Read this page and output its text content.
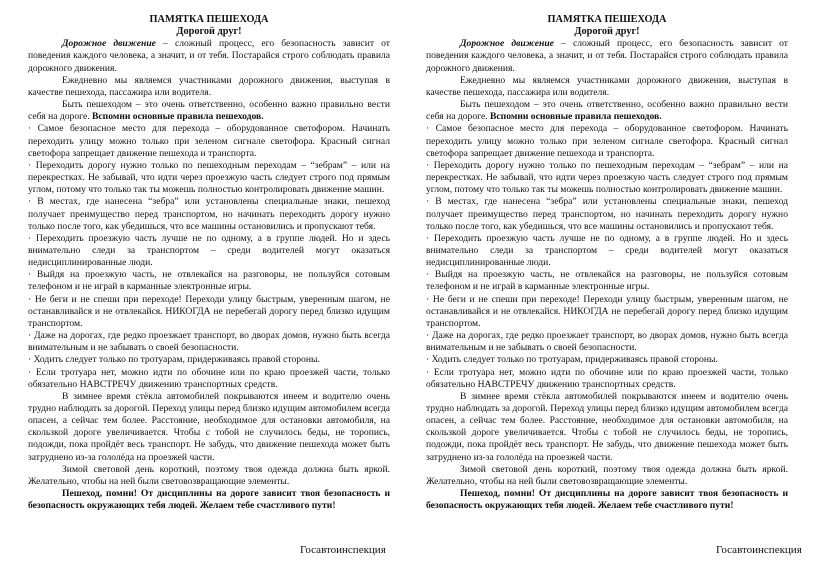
ПАМЯТКА ПЕШЕХОДА

Дорогой друг!

Дорожное движение – сложный процесс, его безопасность зависит от поведения каждого человека, а значит, и от тебя. Постарайся строго соблюдать правила дорожного движения.

Ежедневно мы являемся участниками дорожного движения, выступая в качестве пешехода, пассажира или водителя.

Быть пешеходом – это очень ответственно, особенно важно правильно вести себя на дороге. Вспомни основные правила пешеходов.

· Самое безопасное место для перехода – оборудованное светофором. Начинать переходить улицу можно только при зеленом сигнале светофора. Красный сигнал светофора запрещает движение пешехода и транспорта.

· Переходить дорогу нужно только по пешеходным переходам – “зебрам” – или на перекрестках. Не забывай, что идти через проезжую часть следует строго под прямым углом, потому что только так ты можешь полностью контролировать движение машин.

· В местах, где нанесена “зебра” или установлены специальные знаки, пешеход получает преимущество перед транспортом, но начинать переходить дорогу нужно только после того, как убедишься, что все машины остановились и пропускают тебя.

· Переходить проезжую часть лучше не по одному, а в группе людей. Но и здесь внимательно следи за транспортом – среди водителей могут оказаться недисциплинированные люди.

· Выйдя на проезжую часть, не отвлекайся на разговоры, не пользуйся сотовым телефоном и не играй в карманные электронные игры.

· Не беги и не спеши при переходе! Переходи улицу быстрым, уверенным шагом, не останавливайся и не отвлекайся. НИКОГДА не перебегай дорогу перед близко идущим транспортом.

· Даже на дорогах, где редко проезжает транспорт, во дворах домов, нужно быть всегда внимательным и не забывать о своей безопасности.

· Ходить следует только по тротуарам, придерживаясь правой стороны.

· Если тротуара нет, можно идти по обочине или по краю проезжей части, только обязательно НАВСТРЕЧУ движению транспортных средств.

В зимнее время стёкла автомобилей покрываются инеем и водителю очень трудно наблюдать за дорогой. Переход улицы перед близко идущим автомобилем всегда опасен, а сейчас тем более. Расстояние, необходимое для остановки автомобиля, на скользкой дороге увеличивается. Чтобы с тобой не случилось беды, не торопись, подожди, пока пройдёт весь транспорт. Не забудь, что движение пешехода может быть затруднено из-за гололёда на проезжей части.

Зимой световой день короткий, поэтому твоя одежда должна быть яркой. Желательно, чтобы на ней были световозвращающие элементы.

Пешеход, помни! От дисциплины на дороге зависит твоя безопасность и безопасность окружающих тебя людей. Желаем тебе счастливого пути!

ПАМЯТКА ПЕШЕХОДА

Дорогой друг!

Дорожное движение – сложный процесс, его безопасность зависит от поведения каждого человека, а значит, и от тебя. Постарайся строго соблюдать правила дорожного движения.

Ежедневно мы являемся участниками дорожного движения, выступая в качестве пешехода, пассажира или водителя.

Быть пешеходом – это очень ответственно, особенно важно правильно вести себя на дороге. Вспомни основные правила пешеходов.

· Самое безопасное место для перехода – оборудованное светофором. Начинать переходить улицу можно только при зеленом сигнале светофора. Красный сигнал светофора запрещает движение пешехода и транспорта.

· Переходить дорогу нужно только по пешеходным переходам – “зебрам” – или на перекрестках. Не забывай, что идти через проезжую часть следует строго под прямым углом, потому что только так ты можешь полностью контролировать движение машин.

· В местах, где нанесена “зебра” или установлены специальные знаки, пешеход получает преимущество перед транспортом, но начинать переходить дорогу нужно только после того, как убедишься, что все машины остановились и пропускают тебя.

· Переходить проезжую часть лучше не по одному, а в группе людей. Но и здесь внимательно следи за транспортом – среди водителей могут оказаться недисциплинированные люди.

· Выйдя на проезжую часть, не отвлекайся на разговоры, не пользуйся сотовым телефоном и не играй в карманные электронные игры.

· Не беги и не спеши при переходе! Переходи улицу быстрым, уверенным шагом, не останавливайся и не отвлекайся. НИКОГДА не перебегай дорогу перед близко идущим транспортом.

· Даже на дорогах, где редко проезжает транспорт, во дворах домов, нужно быть всегда внимательным и не забывать о своей безопасности.

· Ходить следует только по тротуарам, придерживаясь правой стороны.

· Если тротуара нет, можно идти по обочине или по краю проезжей части, только обязательно НАВСТРЕЧУ движению транспортных средств.

В зимнее время стёкла автомобилей покрываются инеем и водителю очень трудно наблюдать за дорогой. Переход улицы перед близко идущим автомобилем всегда опасен, а сейчас тем более. Расстояние, необходимое для остановки автомобиля, на скользкой дороге увеличивается. Чтобы с тобой не случилось беды, не торопись, подожди, пока пройдёт весь транспорт. Не забудь, что движение пешехода может быть затруднено из-за гололёда на проезжей части.

Зимой световой день короткий, поэтому твоя одежда должна быть яркой. Желательно, чтобы на ней были световозвращающие элементы.

Пешеход, помни! От дисциплины на дороге зависит твоя безопасность и безопасность окружающих тебя людей. Желаем тебе счастливого пути!

Госавтоинспекция	Госавтоинспекция
